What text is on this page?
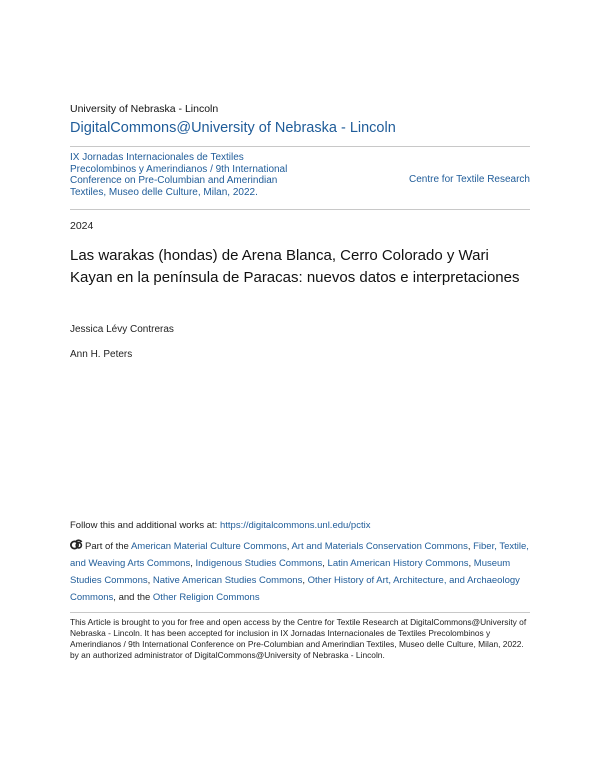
University of Nebraska - Lincoln
DigitalCommons@University of Nebraska - Lincoln
IX Jornadas Internacionales de Textiles Precolombinos y Amerindianos / 9th International Conference on Pre-Columbian and Amerindian Textiles, Museo delle Culture, Milan, 2022.
Centre for Textile Research
2024
Las warakas (hondas) de Arena Blanca, Cerro Colorado y Wari Kayan en la península de Paracas: nuevos datos e interpretaciones
Jessica Lévy Contreras
Ann H. Peters
Follow this and additional works at: https://digitalcommons.unl.edu/pctix
Part of the American Material Culture Commons, Art and Materials Conservation Commons, Fiber, Textile, and Weaving Arts Commons, Indigenous Studies Commons, Latin American History Commons, Museum Studies Commons, Native American Studies Commons, Other History of Art, Architecture, and Archaeology Commons, and the Other Religion Commons
This Article is brought to you for free and open access by the Centre for Textile Research at DigitalCommons@University of Nebraska - Lincoln. It has been accepted for inclusion in IX Jornadas Internacionales de Textiles Precolombinos y Amerindianos / 9th International Conference on Pre-Columbian and Amerindian Textiles, Museo delle Culture, Milan, 2022. by an authorized administrator of DigitalCommons@University of Nebraska - Lincoln.
